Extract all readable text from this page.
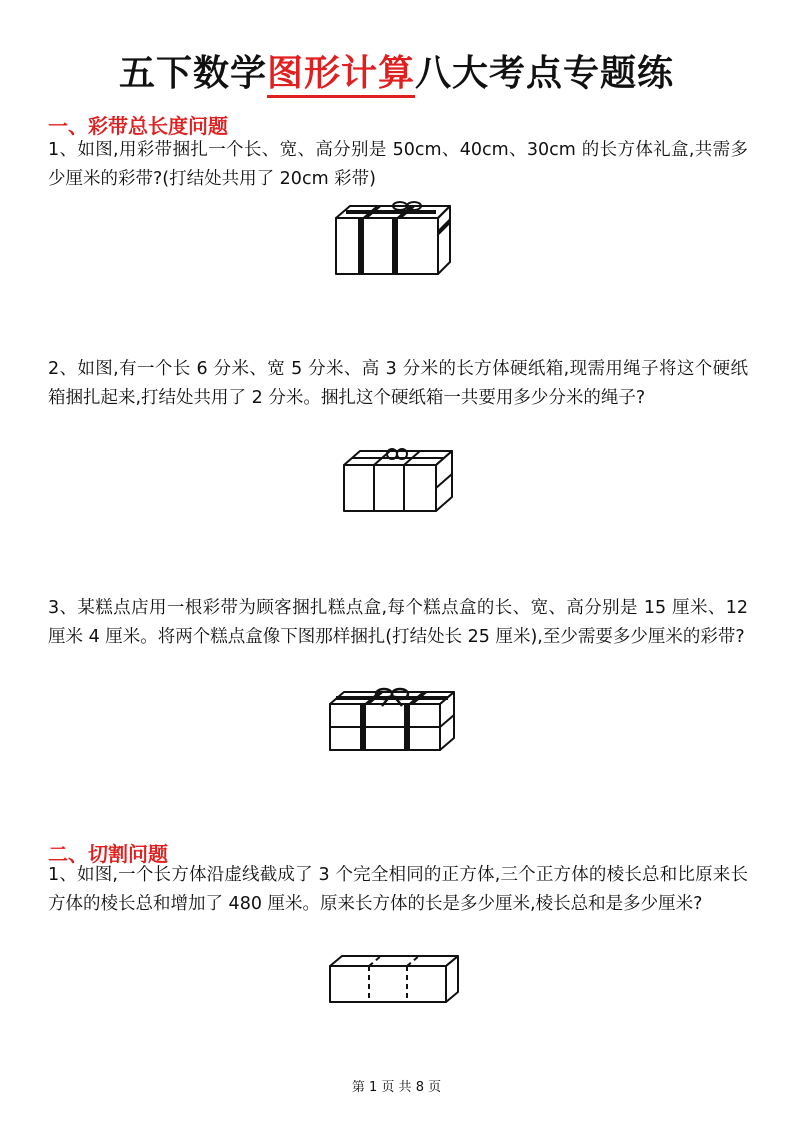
五下数学图形计算八大考点专题练
一、彩带总长度问题
1、如图,用彩带捆扎一个长、宽、高分别是 50cm、40cm、30cm 的长方体礼盒,共需多少厘米的彩带?(打结处共用了 20cm 彩带)
2、如图,有一个长 6 分米、宽 5 分米、高 3 分米的长方体硬纸箱,现需用绳子将这个硬纸箱捆扎起来,打结处共用了 2 分米。捆扎这个硬纸箱一共要用多少分米的绳子?
3、某糕点店用一根彩带为顾客捆扎糕点盒,每个糕点盒的长、宽、高分别是 15 厘米、12 厘米 4 厘米。将两个糕点盒像下图那样捆扎(打结处长 25 厘米),至少需要多少厘米的彩带?
二、切割问题
1、如图,一个长方体沿虚线截成了 3 个完全相同的正方体,三个正方体的棱长总和比原来长方体的棱长总和增加了 480 厘米。原来长方体的长是多少厘米,棱长总和是多少厘米?
第 1 页 共 8 页
